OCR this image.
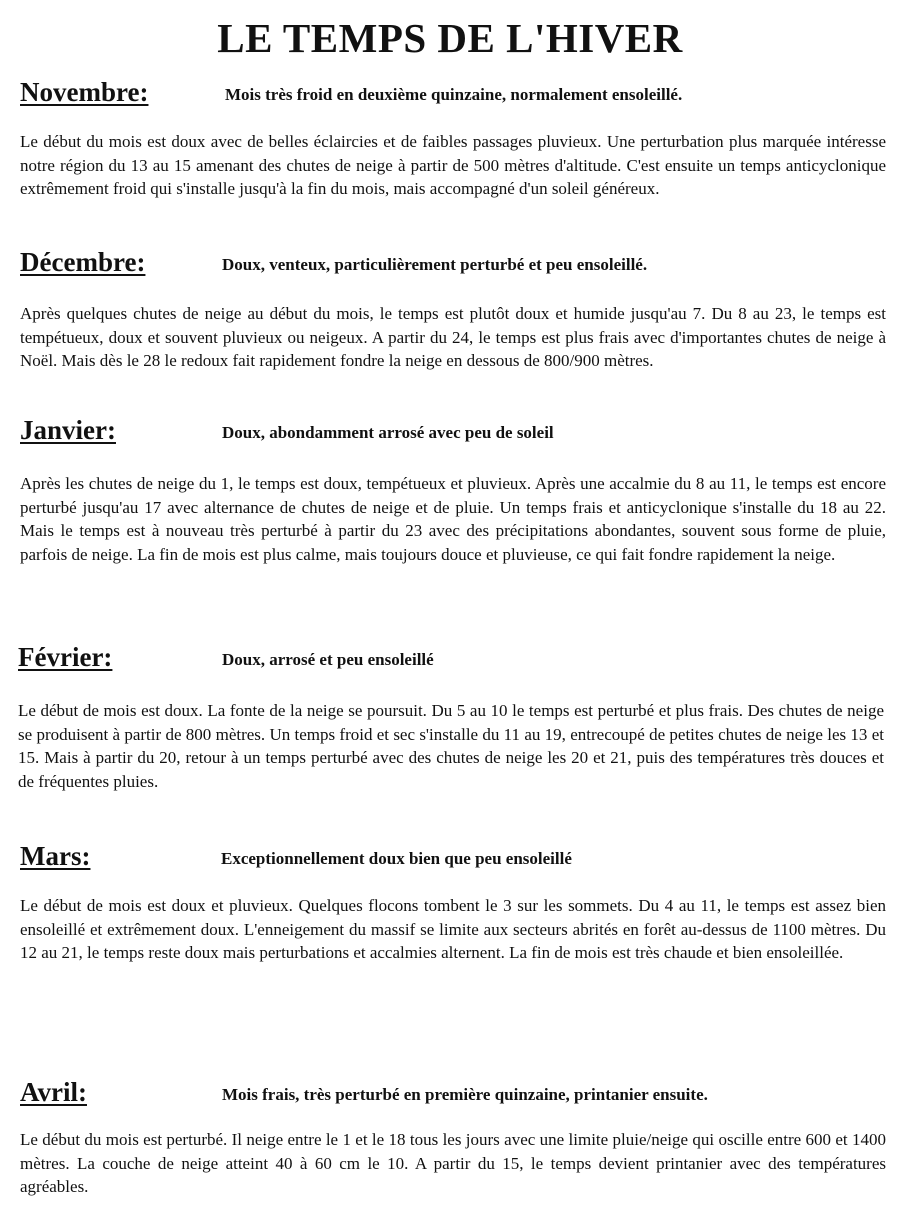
LE TEMPS DE L'HIVER
Novembre:	Mois très froid en deuxième quinzaine, normalement ensoleillé.

Le début du mois est doux avec de belles éclaircies et de faibles passages pluvieux. Une perturbation plus marquée intéresse notre région du 13 au 15 amenant des chutes de neige à partir de 500 mètres d'altitude. C'est ensuite un temps anticyclonique extrêmement froid qui s'installe jusqu'à la fin du mois, mais accompagné d'un soleil généreux.

Décembre:	Doux, venteux, particulièrement perturbé et peu ensoleillé.

Après quelques chutes de neige au début du mois, le temps est plutôt doux et humide jusqu'au 7. Du 8 au 23, le temps est tempétueux, doux et souvent pluvieux ou neigeux. A partir du 24, le temps est plus frais avec d'importantes chutes de neige à Noël. Mais dès le 28 le redoux fait rapidement fondre la neige en dessous de 800/900 mètres.

Janvier:	Doux, abondamment arrosé avec peu de soleil

Après les chutes de neige du 1, le temps est doux, tempétueux et pluvieux. Après une accalmie du 8 au 11, le temps est encore perturbé jusqu'au 17 avec alternance de chutes de neige et de pluie. Un temps frais et anticyclonique s'installe du 18 au 22. Mais le temps est à nouveau très perturbé à partir du 23 avec des précipitations abondantes, souvent sous forme de pluie, parfois de neige. La fin de mois est plus calme, mais toujours douce et pluvieuse, ce qui fait fondre rapidement la neige.

Février:	Doux, arrosé et peu ensoleillé

Le début de mois est doux. La fonte de la neige se poursuit. Du 5 au 10 le temps est perturbé et plus frais. Des chutes de neige se produisent à partir de 800 mètres. Un temps froid et sec s'installe du 11 au 19, entrecoupé de petites chutes de neige les 13 et 15. Mais à partir du 20, retour à un temps perturbé avec des chutes de neige les 20 et 21, puis des températures très douces et de fréquentes pluies.

Mars:	Exceptionnellement doux bien que peu ensoleillé

Le début de mois est doux et pluvieux. Quelques flocons tombent le 3 sur les sommets. Du 4 au 11, le temps est assez bien ensoleillé et extrêmement doux. L'enneigement du massif se limite aux secteurs abrités en forêt au-dessus de 1100 mètres. Du 12 au 21, le temps reste doux mais perturbations et accalmies alternent. La fin de mois est très chaude et bien ensoleillée.

Avril:	Mois frais, très perturbé en première quinzaine, printanier ensuite.

Le début du mois est perturbé. Il neige entre le 1 et le 18 tous les jours avec une limite pluie/neige qui oscille entre 600 et 1400 mètres. La couche de neige atteint 40 à 60 cm le 10. A partir du 15, le temps devient printanier avec des températures agréables.
